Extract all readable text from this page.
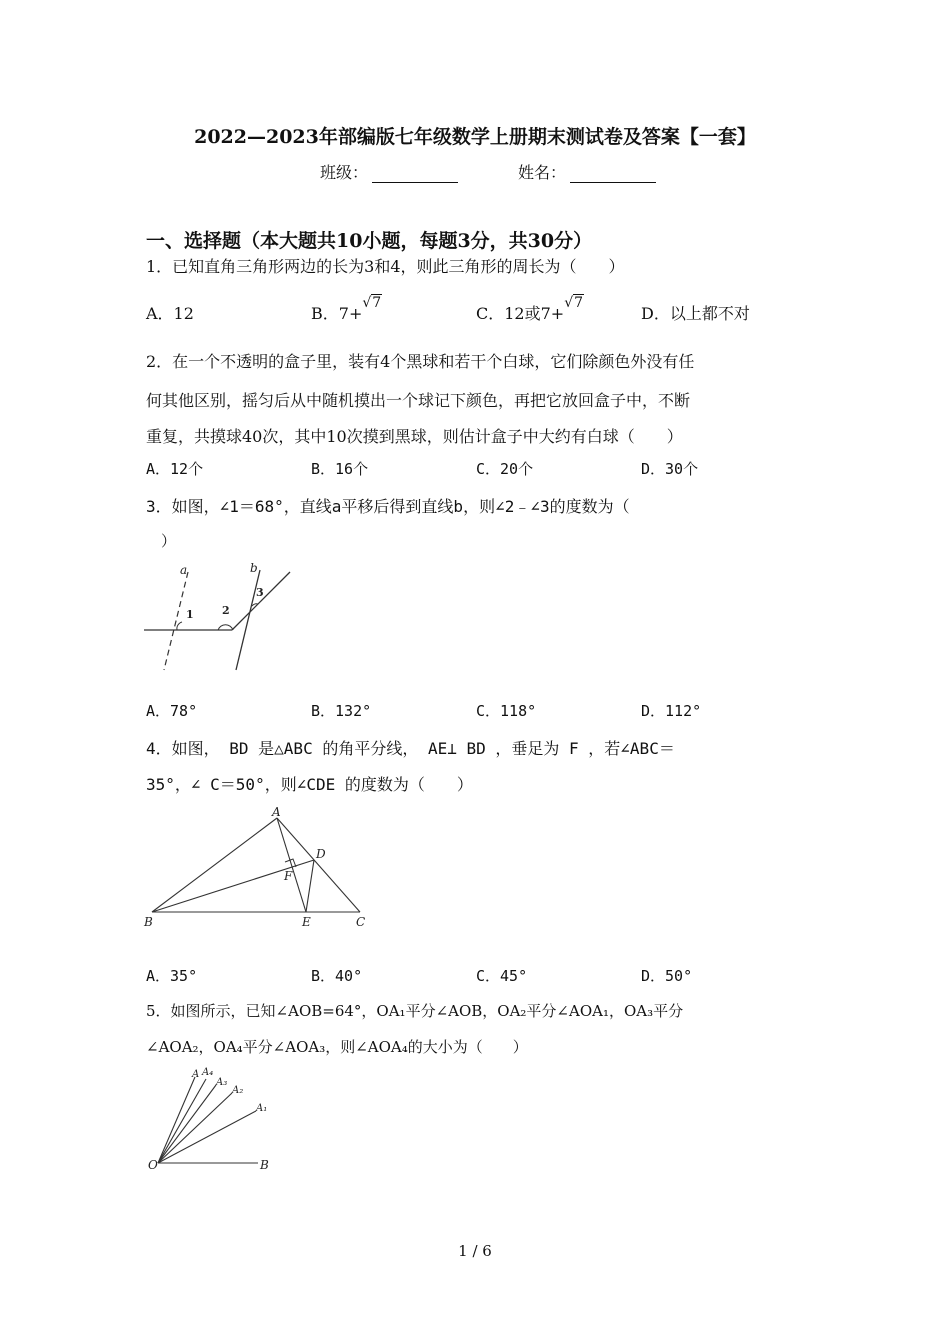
2022—2023年部编版七年级数学上册期末测试卷及答案【一套】
班级：	姓名：
一、选择题（本大题共10小题，每题3分，共30分）
1．已知直角三角形两边的长为3和4，则此三角形的周长为（　　）
A．12	B．7+√7
C．12或7+√7
D．以上都不对
2．在一个不透明的盒子里，装有4个黑球和若干个白球，它们除颜色外没有任
何其他区别，摇匀后从中随机摸出一个球记下颜色，再把它放回盒子中，不断
重复，共摸球40次，其中10次摸到黑球，则估计盒子中大约有白球（　　）
A．12个	B．16个	C．20个	D．30个
3．如图，∠1＝68°，直线a平移后得到直线b，则∠2﹣∠3的度数为（
　）
a	b
1	2
3
A．78°	B．132°	C．118°	D．112°
4．如图， BD 是△ABC 的角平分线， AE⊥ BD ，垂足为 F ，若∠ABC＝
35°，∠ C＝50°，则∠CDE 的度数为（　　）
A
D
F
B	E	C
A．35°	B．40°	C．45°	D．50°
5．如图所示，已知∠AOB=64°，OA₁平分∠AOB，OA₂平分∠AOA₁，OA₃平分
∠AOA₂，OA₄平分∠AOA₃，则∠AOA₄的大小为（　　）
A A₄
A₃
A₂
A₁
O	B
1 / 6
